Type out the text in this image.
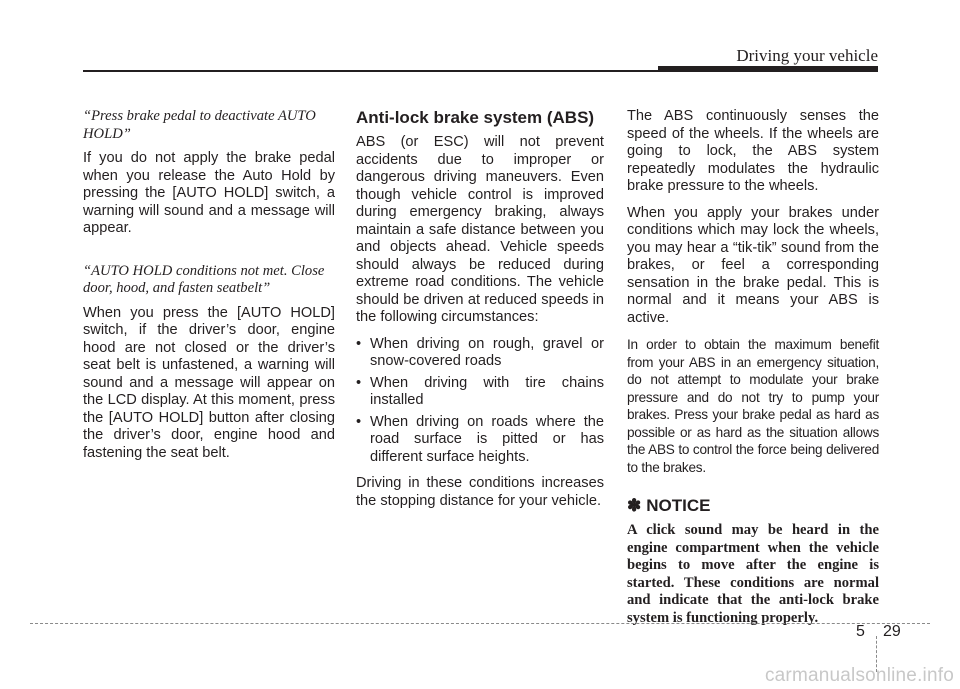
Driving your vehicle

“Press brake pedal to deactivate AUTO HOLD”

If you do not apply the brake pedal when you release the Auto Hold by pressing the [AUTO HOLD] switch, a warning will sound and a message will appear.

“AUTO HOLD conditions not met. Close door, hood, and fasten seatbelt”

When you press the [AUTO HOLD] switch, if the driver’s door, engine hood are not closed or the driver’s seat belt is unfastened, a warning will sound and a message will appear on the LCD display. At this moment, press the [AUTO HOLD] button after closing the driver’s door, engine hood and fastening the seat belt.

Anti-lock brake system (ABS)

ABS (or ESC) will not prevent accidents due to improper or dangerous driving maneuvers. Even though vehicle control is improved during emergency braking, always maintain a safe distance between you and objects ahead. Vehicle speeds should always be reduced during extreme road conditions. The vehicle should be driven at reduced speeds in the following circumstances:

• When driving on rough, gravel or snow-covered roads
• When driving with tire chains installed
• When driving on roads where the road surface is pitted or has different surface heights.

Driving in these conditions increases the stopping distance for your vehicle.

The ABS continuously senses the speed of the wheels. If the wheels are going to lock, the ABS system repeatedly modulates the hydraulic brake pressure to the wheels.

When you apply your brakes under conditions which may lock the wheels, you may hear a “tik-tik” sound from the brakes, or feel a corresponding sensation in the brake pedal. This is normal and it means your ABS is active.

In order to obtain the maximum benefit from your ABS in an emergency situation, do not attempt to modulate your brake pressure and do not try to pump your brakes. Press your brake pedal as hard as possible or as hard as the situation allows the ABS to control the force being delivered to the brakes.

✽ NOTICE
A click sound may be heard in the engine compartment when the vehicle begins to move after the engine is started. These conditions are normal and indicate that the anti-lock brake system is functioning properly.
5 29
carmanualsonline.info
